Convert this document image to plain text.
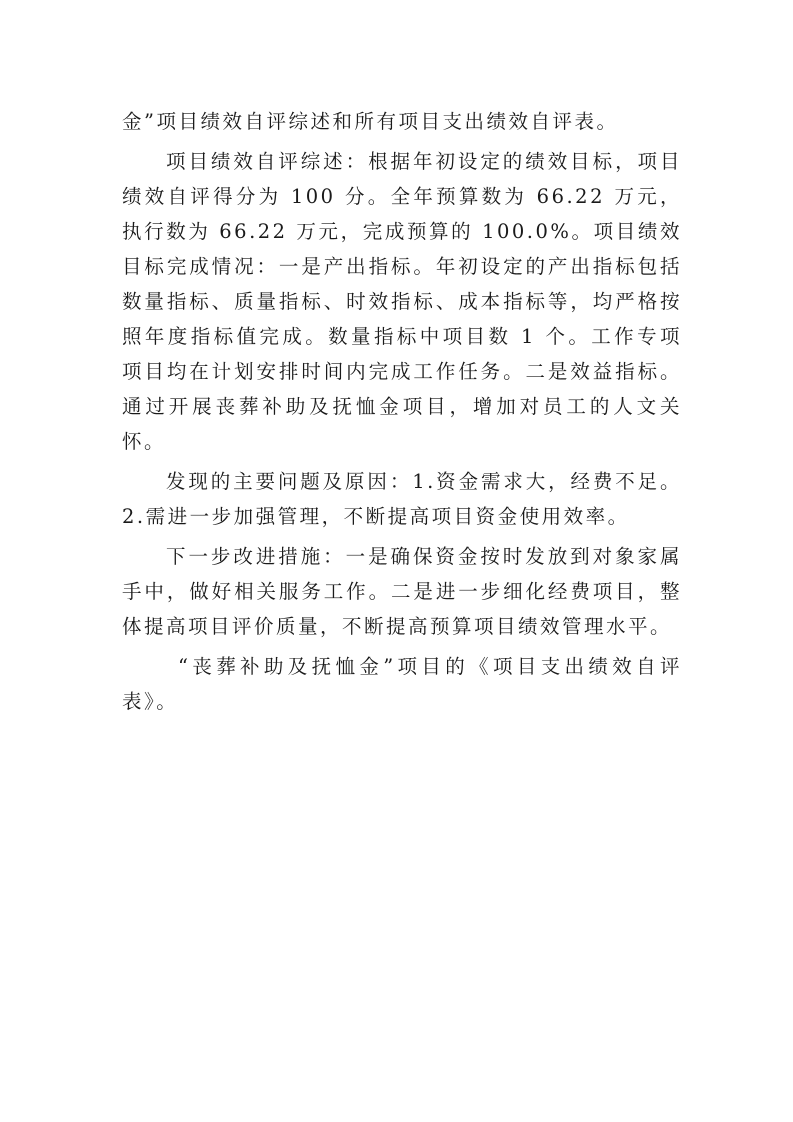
金”项目绩效自评综述和所有项目支出绩效自评表。

项目绩效自评综述：根据年初设定的绩效目标，项目绩效自评得分为 100 分。全年预算数为 66.22 万元，执行数为 66.22 万元，完成预算的 100.0%。项目绩效目标完成情况：一是产出指标。年初设定的产出指标包括数量指标、质量指标、时效指标、成本指标等，均严格按照年度指标值完成。数量指标中项目数 1 个。工作专项项目均在计划安排时间内完成工作任务。二是效益指标。通过开展丧葬补助及抚恤金项目，增加对员工的人文关怀。

发现的主要问题及原因：1.资金需求大，经费不足。2.需进一步加强管理，不断提高项目资金使用效率。

下一步改进措施：一是确保资金按时发放到对象家属手中，做好相关服务工作。二是进一步细化经费项目，整体提高项目评价质量，不断提高预算项目绩效管理水平。

“丧葬补助及抚恤金”项目的《项目支出绩效自评表》。
